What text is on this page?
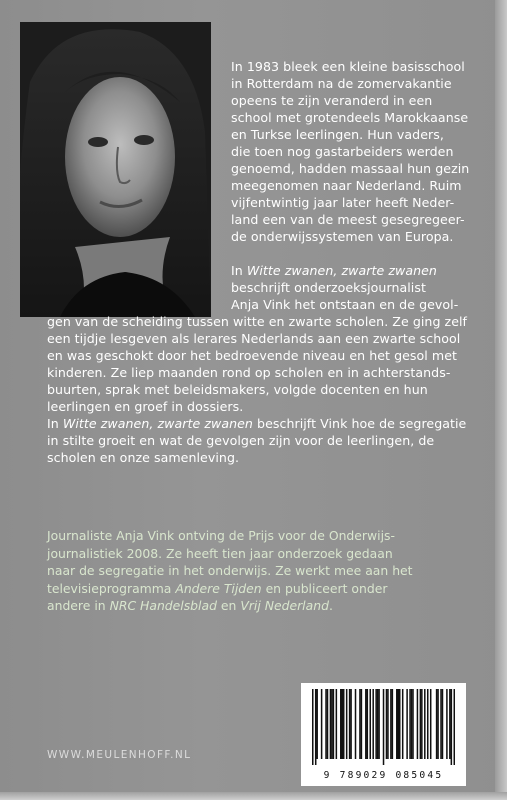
In 1983 bleek een kleine basisschool
in Rotterdam na de zomervakantie
opeens te zijn veranderd in een
school met grotendeels Marokkaanse
en Turkse leerlingen. Hun vaders,
die toen nog gastarbeiders werden
genoemd, hadden massaal hun gezin
meegenomen naar Nederland. Ruim
vijfentwintig jaar later heeft Neder-
land een van de meest gesegregeer-
de onderwijssystemen van Europa.
In Witte zwanen, zwarte zwanen
beschrijft onderzoeksjournalist
Anja Vink het ontstaan en de gevol-
gen van de scheiding tussen witte en zwarte scholen. Ze ging zelf
een tijdje lesgeven als lerares Nederlands aan een zwarte school
en was geschokt door het bedroevende niveau en het gesol met
kinderen. Ze liep maanden rond op scholen en in achterstands-
buurten, sprak met beleidsmakers, volgde docenten en hun
leerlingen en groef in dossiers.
In Witte zwanen, zwarte zwanen beschrijft Vink hoe de segregatie
in stilte groeit en wat de gevolgen zijn voor de leerlingen, de
scholen en onze samenleving.
Journaliste Anja Vink ontving de Prijs voor de Onderwijs-
journalistiek 2008. Ze heeft tien jaar onderzoek gedaan
naar de segregatie in het onderwijs. Ze werkt mee aan het
televisieprogramma Andere Tijden en publiceert onder
andere in NRC Handelsblad en Vrij Nederland.
WWW.MEULENHOFF.NL
9 789029 085045
